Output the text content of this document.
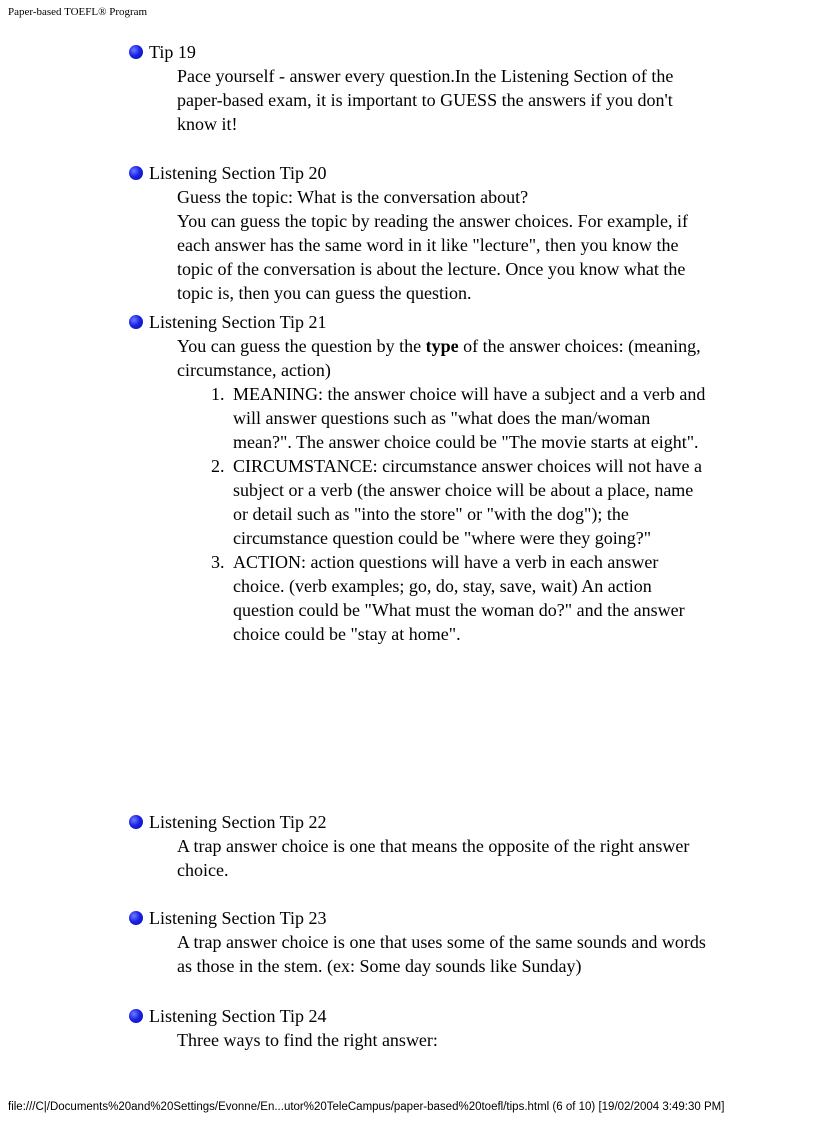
Paper-based TOEFL® Program
Tip 19

Pace yourself - answer every question.In the Listening Section of the paper-based exam, it is important to GUESS the answers if you don't know it!

Listening Section Tip 20

Guess the topic: What is the conversation about?

You can guess the topic by reading the answer choices. For example, if each answer has the same word in it like "lecture", then you know the topic of the conversation is about the lecture. Once you know what the topic is, then you can guess the question.

Listening Section Tip 21

You can guess the question by the type of the answer choices: (meaning, circumstance, action)

1. MEANING: the answer choice will have a subject and a verb and will answer questions such as "what does the man/woman mean?". The answer choice could be "The movie starts at eight".
2. CIRCUMSTANCE: circumstance answer choices will not have a subject or a verb (the answer choice will be about a place, name or detail such as "into the store" or "with the dog"); the circumstance question could be "where were they going?"
3. ACTION: action questions will have a verb in each answer choice. (verb examples; go, do, stay, save, wait) An action question could be "What must the woman do?" and the answer choice could be "stay at home".
Listening Section Tip 22

A trap answer choice is one that means the opposite of the right answer choice.

Listening Section Tip 23

A trap answer choice is one that uses some of the same sounds and words as those in the stem. (ex: Some day sounds like Sunday)

Listening Section Tip 24

Three ways to find the right answer:

file:///C|/Documents%20and%20Settings/Evonne/En...utor%20TeleCampus/paper-based%20toefl/tips.html (6 of 10) [19/02/2004 3:49:30 PM]
